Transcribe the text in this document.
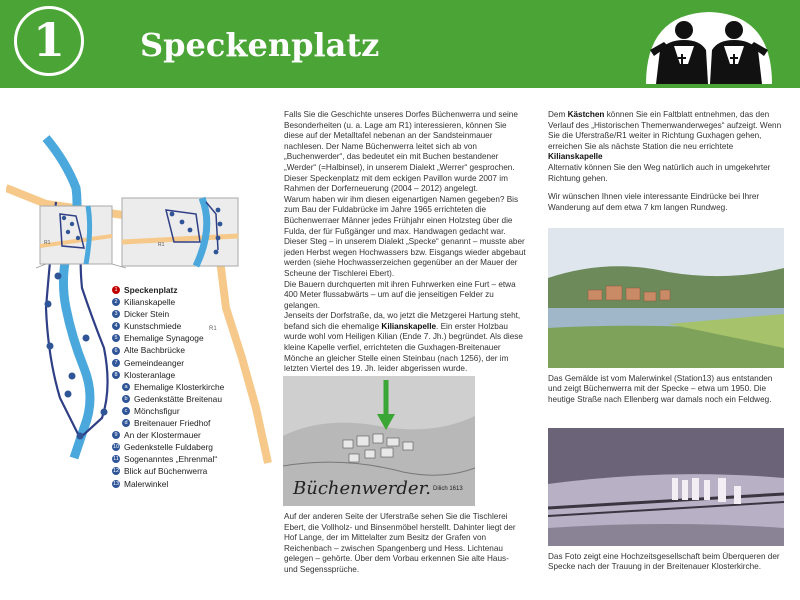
1	Speckenplatz
R1
R1	R1
1 Speckenplatz
2 Kilianskapelle
3 Dicker Stein
4 Kunstschmiede
5 Ehemalige Synagoge
6 Alte Bachbrücke
7 Gemeindeanger
8 Klosteranlage
a Ehemalige Klosterkirche
b Gedenkstätte Breitenau
c Mönchsfigur
d Breitenauer Friedhof
9 An der Klostermauer
10 Gedenkstelle Fuldaberg
11 Sogenanntes „Ehrenmal“
12 Blick auf Büchenwerra
13 Malerwinkel

Falls Sie die Geschichte unseres Dorfes Büchenwerra und seine Besonderheiten (u. a. Lage am R1) interessieren, können Sie diese auf der Metalltafel nebenan an der Sandsteinmauer nachlesen. Der Name Büchenwerra leitet sich ab von „Buchenwerder“, das bedeutet ein mit Buchen bestandener „Werder“ (=Halbinsel), in unserem Dialekt „Werrer“ gesprochen. Dieser Speckenplatz mit dem eckigen Pavillon wurde 2007 im Rahmen der Dorferneuerung (2004 – 2012) angelegt.

Warum haben wir ihm diesen eigenartigen Namen gegeben? Bis zum Bau der Fuldabrücke im Jahre 1965 errichteten die Büchenwerraer Männer jedes Frühjahr einen Holzsteg über die Fulda, der für Fußgänger und max. Handwagen gedacht war. Dieser Steg – in unserem Dialekt „Specke“ genannt – musste aber jeden Herbst wegen Hochwassers bzw. Eisgangs wieder abgebaut werden (siehe Hochwasserzeichen gegenüber an der Mauer der Scheune der Tischlerei Ebert).

Die Bauern durchquerten mit ihren Fuhrwerken eine Furt – etwa 400 Meter flussabwärts – um auf die jenseitigen Felder zu gelangen.

Jenseits der Dorfstraße, da, wo jetzt die Metzgerei Hartung steht, befand sich die ehemalige Kilianskapelle. Ein erster Holzbau wurde wohl vom Heiligen Kilian (Ende 7. Jh.) begründet. Als diese kleine Kapelle verfiel, errichteten die Guxhagen-Breitenauer Mönche an gleicher Stelle einen Steinbau (nach 1256), der im letzten Viertel des 19. Jh. leider abgerissen wurde.

Büchenwerder. Dilich 1613

Auf der anderen Seite der Uferstraße sehen Sie die Tischlerei Ebert, die Vollholz- und Binsenmöbel herstellt. Dahinter liegt der Hof Lange, der im Mittelalter zum Besitz der Grafen von Reichenbach – zwischen Spangenberg und Hess. Lichtenau gelegen – gehörte. Über dem Vorbau erkennen Sie alte Haus- und Segenssprüche.

Dem Kästchen können Sie ein Faltblatt entnehmen, das den Verlauf des „Historischen Themenwanderweges“ aufzeigt. Wenn Sie die Uferstraße/R1 weiter in Richtung Guxhagen gehen, erreichen Sie als nächste Station die neu errichtete
Kilianskapelle
Alternativ können Sie den Weg natürlich auch in umgekehrter Richtung gehen.

Wir wünschen Ihnen viele interessante Eindrücke bei Ihrer Wanderung auf dem etwa 7 km langen Rundweg.

Das Gemälde ist vom Malerwinkel (Station13) aus entstanden und zeigt Büchenwerra mit der Specke – etwa um 1950. Die heutige Straße nach Ellenberg war damals noch ein Feldweg.
Das Foto zeigt eine Hochzeitsgesellschaft beim Überqueren der Specke nach der Trauung in der Breitenauer Klosterkirche.
